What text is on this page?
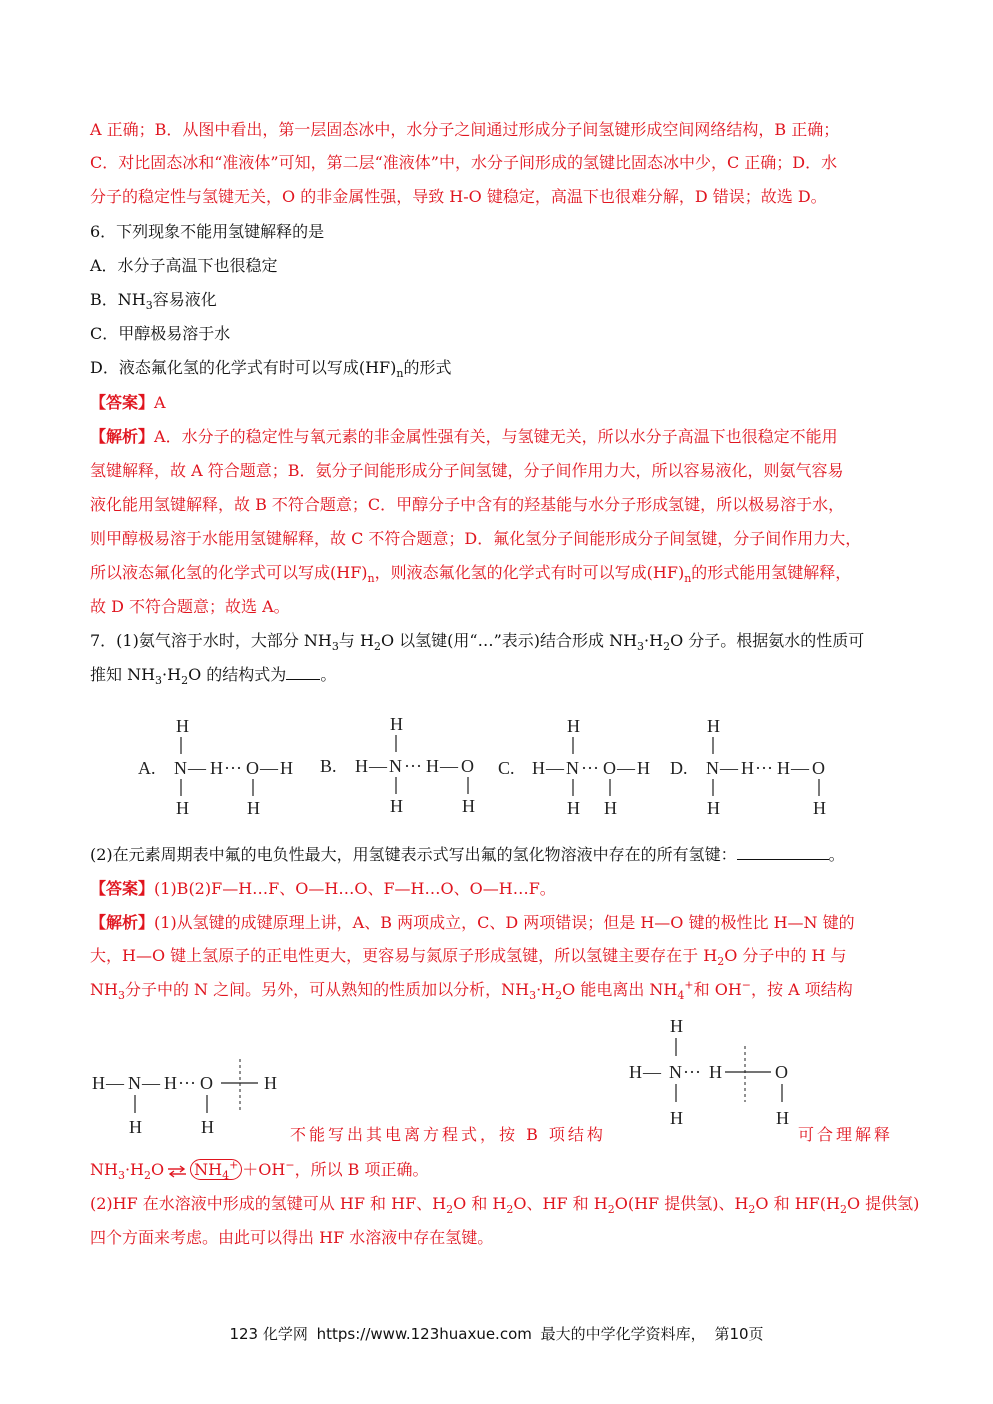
A 正确；B．从图中看出，第一层固态冰中，水分子之间通过形成分子间氢键形成空间网络结构，B 正确；
C．对比固态冰和“准液体”可知，第二层“准液体”中，水分子间形成的氢键比固态冰中少，C 正确；D．水
分子的稳定性与氢键无关，O 的非金属性强，导致 H-O 键稳定，高温下也很难分解，D 错误；故选 D。
6．下列现象不能用氢键解释的是
A．水分子高温下也很稳定
B．$NH_3$容易液化
C．甲醇极易溶于水
D．液态氟化氢的化学式有时可以写成$(HF)_n$的形式
【答案】A
【解析】A．水分子的稳定性与氧元素的非金属性强有关，与氢键无关，所以水分子高温下也很稳定不能用
氢键解释，故 A 符合题意；B．氨分子间能形成分子间氢键，分子间作用力大，所以容易液化，则氨气容易
液化能用氢键解释，故 B 不符合题意；C．甲醇分子中含有的羟基能与水分子形成氢键，所以极易溶于水，
则甲醇极易溶于水能用氢键解释，故 C 不符合题意；D．氟化氢分子间能形成分子间氢键，分子间作用力大，
所以液态氟化氢的化学式可以写成$(HF)_n$，则液态氟化氢的化学式有时可以写成$(HF)_n$的形式能用氢键解释，
故 D 不符合题意；故选 A。
7．(1)氨气溶于水时，大部分 $NH_3$与 $H_2O$ 以氢键(用“…”表示)结合形成 $NH_3\cdot H_2O$ 分子。根据氨水的性质可
推知 $NH_3\cdot H_2O$ 的结构式为 。
A.
H
N
H
— H ··· O — H
H
B. H —
H
N
H
··· H — O
H
C. H —
H
N
H
··· O — H
H
D.
H
N
H
— H ··· H — O
H
(2)在元素周期表中氟的电负性最大，用氢键表示式写出氟的氢化物溶液中存在的所有氢键：	。
【答案】(1)B(2)F—H…F、O—H…O、F—H…O、O—H…F。
【解析】(1)从氢键的成键原理上讲，A、B 两项成立，C、D 两项错误；但是 H—O 键的极性比 H—N 键的
大，H—O 键上氢原子的正电性更大，更容易与氮原子形成氢键，所以氢键主要存在于 $H_2O$ 分子中的 H 与
$NH_3$分子中的 N 之间。另外，可从熟知的性质加以分析，$NH_3\cdot H_2O$ 能电离出 $NH_4^+$和 OH−，按 A 项结构
H — N
H
— H ··· O
H
H
不能写出其电离方程式，按 B 项结构
H
H — N
H
··· H	O
H
可合理解释
$NH_3\cdot H_2O$ ⇌ $NH_4^+ +OH^-$，所以 B 项正确。
(2)HF 在水溶液中形成的氢键可从 HF 和 HF、$H_2O$ 和 $H_2O$、HF 和 $H_2O(HF$ 提供氢)、$H_2O$ 和 $HF(H_2O$ 提供氢)
四个方面来考虑。由此可以得出 HF 水溶液中存在氢键。
123 化学网 https://www.123huaxue.com 最大的中学化学资料库， 第10页
